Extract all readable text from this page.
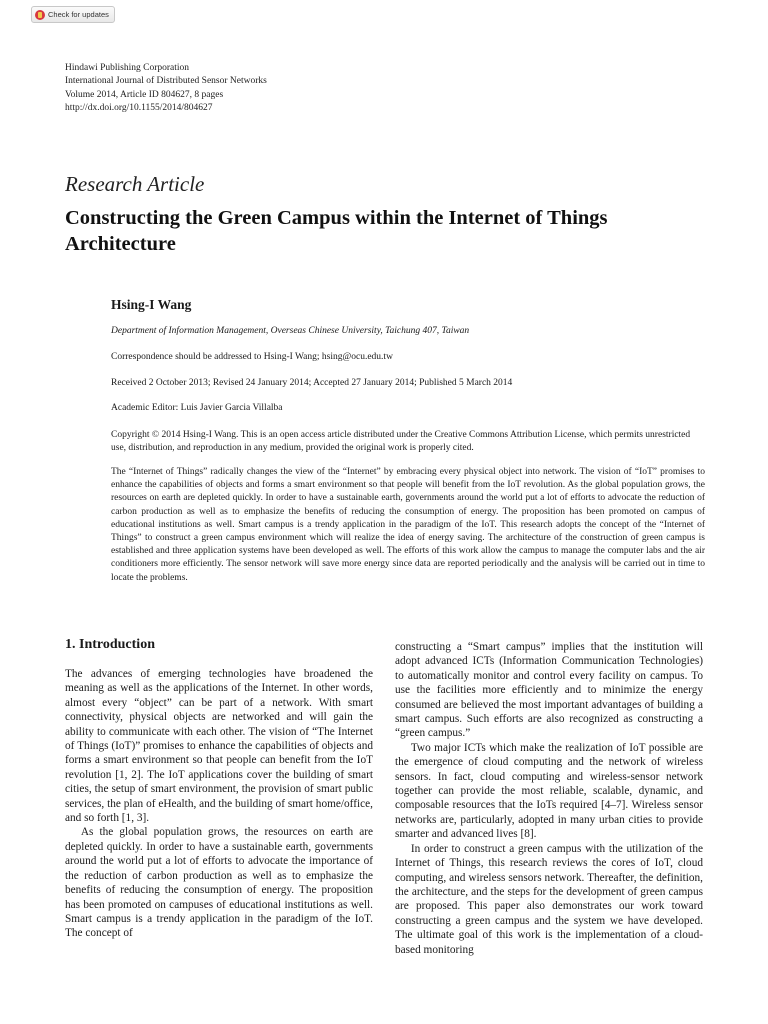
Check for updates
Hindawi Publishing Corporation
International Journal of Distributed Sensor Networks
Volume 2014, Article ID 804627, 8 pages
http://dx.doi.org/10.1155/2014/804627
Research Article
Constructing the Green Campus within the Internet of Things Architecture
Hsing-I Wang
Department of Information Management, Overseas Chinese University, Taichung 407, Taiwan
Correspondence should be addressed to Hsing-I Wang; hsing@ocu.edu.tw
Received 2 October 2013; Revised 24 January 2014; Accepted 27 January 2014; Published 5 March 2014
Academic Editor: Luis Javier Garcia Villalba
Copyright © 2014 Hsing-I Wang. This is an open access article distributed under the Creative Commons Attribution License, which permits unrestricted use, distribution, and reproduction in any medium, provided the original work is properly cited.
The “Internet of Things” radically changes the view of the “Internet” by embracing every physical object into network. The vision of “IoT” promises to enhance the capabilities of objects and forms a smart environment so that people will benefit from the IoT revolution. As the global population grows, the resources on earth are depleted quickly. In order to have a sustainable earth, governments around the world put a lot of efforts to advocate the reduction of carbon production as well as to emphasize the benefits of reducing the consumption of energy. The proposition has been promoted on campus of educational institutions as well. Smart campus is a trendy application in the paradigm of the IoT. This research adopts the concept of the “Internet of Things” to construct a green campus environment which will realize the idea of energy saving. The architecture of the construction of green campus is established and three application systems have been developed as well. The efforts of this work allow the campus to manage the computer labs and the air conditioners more efficiently. The sensor network will save more energy since data are reported periodically and the analysis will be carried out in time to locate the problems.
1. Introduction

The advances of emerging technologies have broadened the meaning as well as the applications of the Internet. In other words, almost every “object” can be part of a network. With smart connectivity, physical objects are networked and will gain the ability to communicate with each other. The vision of “The Internet of Things (IoT)” promises to enhance the capabilities of objects and forms a smart environment so that people can benefit from the IoT revolution [1, 2]. The IoT applications cover the building of smart cities, the setup of smart environment, the provision of smart public services, the plan of eHealth, and the building of smart home/office, and so forth [1, 3].

As the global population grows, the resources on earth are depleted quickly. In order to have a sustainable earth, governments around the world put a lot of efforts to advocate the importance of the reduction of carbon production as well as to emphasize the benefits of reducing the consumption of energy. The proposition has been promoted on campuses of educational institutions as well. Smart campus is a trendy application in the paradigm of the IoT. The concept of

constructing a “Smart campus” implies that the institution will adopt advanced ICTs (Information Communication Technologies) to automatically monitor and control every facility on campus. To use the facilities more efficiently and to minimize the energy consumed are believed the most important advantages of building a smart campus. Such efforts are also recognized as constructing a “green campus.”

Two major ICTs which make the realization of IoT possible are the emergence of cloud computing and the network of wireless sensors. In fact, cloud computing and wireless-sensor network together can provide the most reliable, scalable, dynamic, and composable resources that the IoTs required [4–7]. Wireless sensor networks are, particularly, adopted in many urban cities to provide smarter and advanced lives [8].

In order to construct a green campus with the utilization of the Internet of Things, this research reviews the cores of IoT, cloud computing, and wireless sensors network. Thereafter, the definition, the architecture, and the steps for the development of green campus are proposed. This paper also demonstrates our work toward constructing a green campus and the system we have developed. The ultimate goal of this work is the implementation of a cloud-based monitoring
